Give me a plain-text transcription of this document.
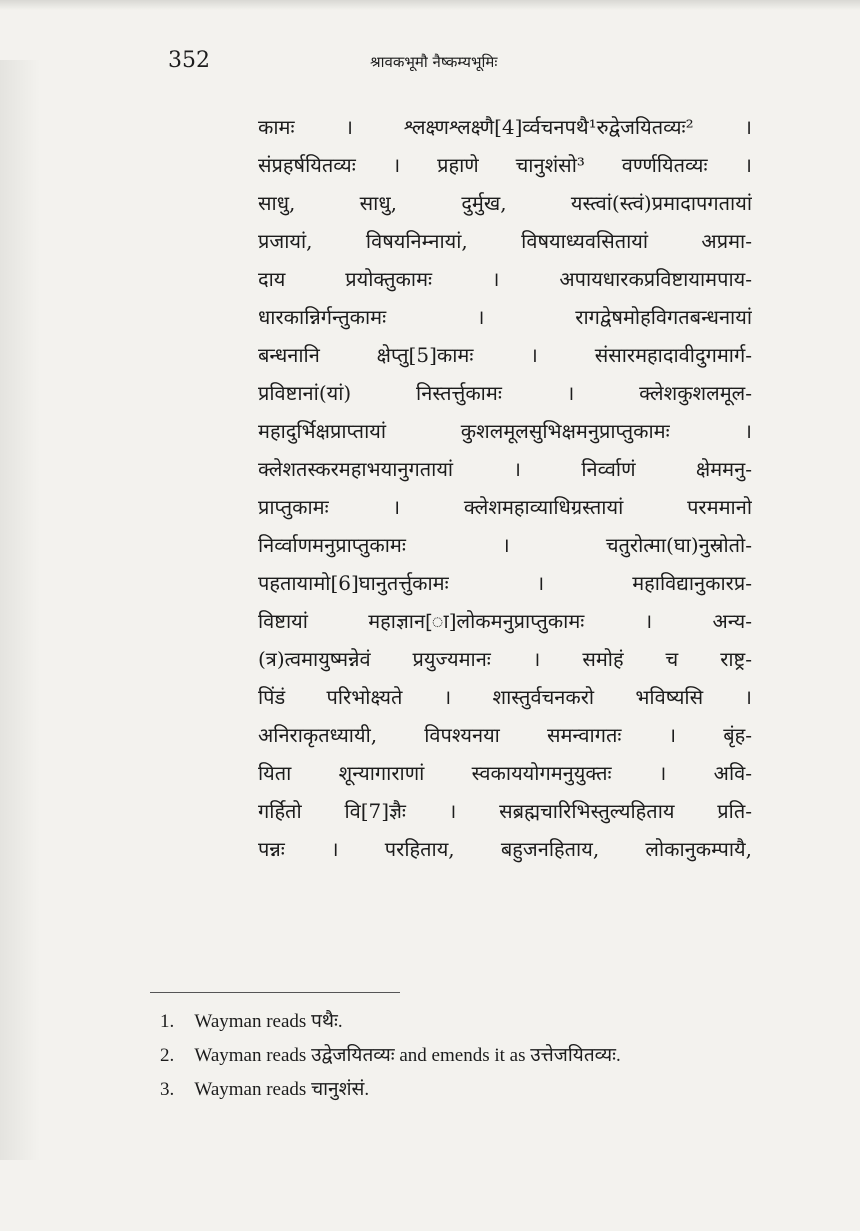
352	श्रावकभूमौ नैष्कम्यभूमिः
कामः । श्लक्ष्णश्लक्ष्णै[4]र्व्वचनपथै¹रुद्वेजयितव्यः² ।
संप्रहर्षयितव्यः । प्रहाणे चानुशंसो³ वर्ण्णयितव्यः ।
साधु, साधु, दुर्मुख, यस्त्वां(स्त्वं)प्रमादापगतायां
प्रजायां, विषयनिम्नायां, विषयाध्यवसितायां अप्रमा-
दाय प्रयोक्तुकामः । अपायधारकप्रविष्टायामपाय-
धारकान्निर्गन्तुकामः । रागद्वेषमोहविगतबन्धनायां
बन्धनानि क्षेप्तु[5]कामः । संसारमहादावीदुगमार्ग-
प्रविष्टानां(यां) निस्तर्त्तुकामः । क्लेशकुशलमूल-
महादुर्भिक्षप्राप्तायां कुशलमूलसुभिक्षमनुप्राप्तुकामः ।
क्लेशतस्करमहाभयानुगतायां । निर्व्वाणं क्षेममनु-
प्राप्तुकामः । क्लेशमहाव्याधिग्रस्तायां परममानो
निर्व्वाणमनुप्राप्तुकामः । चतुरोत्मा(घा)नुस्रोतो-
पहतायामो[6]घानुतर्त्तुकामः । महाविद्यानुकारप्र-
विष्टायां महाज्ञान[ा]लोकमनुप्राप्तुकामः । अन्य-
(त्र)त्वमायुष्मन्नेवं प्रयुज्यमानः । समोहं च राष्ट्र-
पिंडं परिभोक्ष्यते । शास्तुर्वचनकरो भविष्यसि ।
अनिराकृतध्यायी, विपश्यनया समन्वागतः । बृंह-
यिता शून्यागाराणां स्वकाययोगमनुयुक्तः । अवि-
गर्हितो वि[7]ज्ञैः । सब्रह्मचारिभिस्तुल्यहिताय प्रति-
पन्नः । परहिताय, बहुजनहिताय, लोकानुकम्पायै,
1. Wayman reads पथैः.
2. Wayman reads उद्वेजयितव्यः and emends it as उत्तेजयितव्यः.
3. Wayman reads चानुशंसं.
